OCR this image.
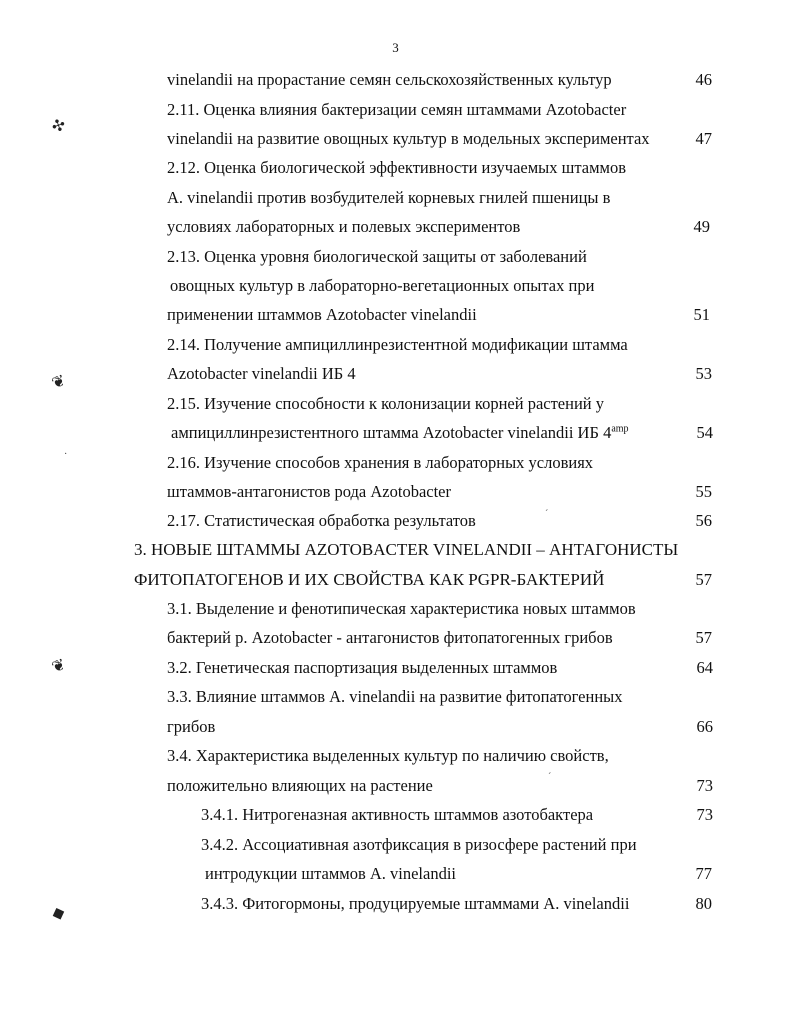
3
vinelandii на прорастание семян сельскохозяйственных культур	46
2.11. Оценка влияния бактеризации семян штаммами Azotobacter
vinelandii на развитие овощных культур в модельных экспериментах	47
2.12. Оценка биологической эффективности изучаемых штаммов
A. vinelandii против возбудителей корневых гнилей пшеницы в
условиях лабораторных и полевых экспериментов	49
2.13. Оценка уровня биологической защиты от заболеваний
овощных культур в лабораторно-вегетационных опытах при
применении штаммов Azotobacter vinelandii	51
2.14. Получение ампициллинрезистентной модификации штамма
Azotobacter vinelandii ИБ 4	53
2.15. Изучение способности к колонизации корней растений у
ампициллинрезистентного штамма Azotobacter vinelandii ИБ $4^{amp}$	54
2.16. Изучение способов хранения в лабораторных условиях
штаммов-антагонистов рода Azotobacter	55
2.17. Статистическая обработка результатов	56
3. НОВЫЕ ШТАММЫ AZOTOBACTER VINELANDII – АНТАГОНИСТЫ
ФИТОПАТОГЕНОВ И ИХ СВОЙСТВА КАК PGPR-БАКТЕРИЙ	57
3.1. Выделение и фенотипическая характеристика новых штаммов
бактерий р. Azotobacter - антагонистов фитопатогенных грибов	57
3.2. Генетическая паспортизация выделенных штаммов	64
3.3. Влияние штаммов A. vinelandii на развитие фитопатогенных
грибов	66
3.4. Характеристика выделенных культур по наличию свойств,
положительно влияющих на растение	73
3.4.1. Нитрогеназная активность штаммов азотобактера	73
3.4.2. Ассоциативная азотфиксация в ризосфере растений при
интродукции штаммов A. vinelandii	77
3.4.3. Фитогормоны, продуцируемые штаммами A. vinelandii	80
✣
❦
❦
◆
·
ˊ
ˊ
